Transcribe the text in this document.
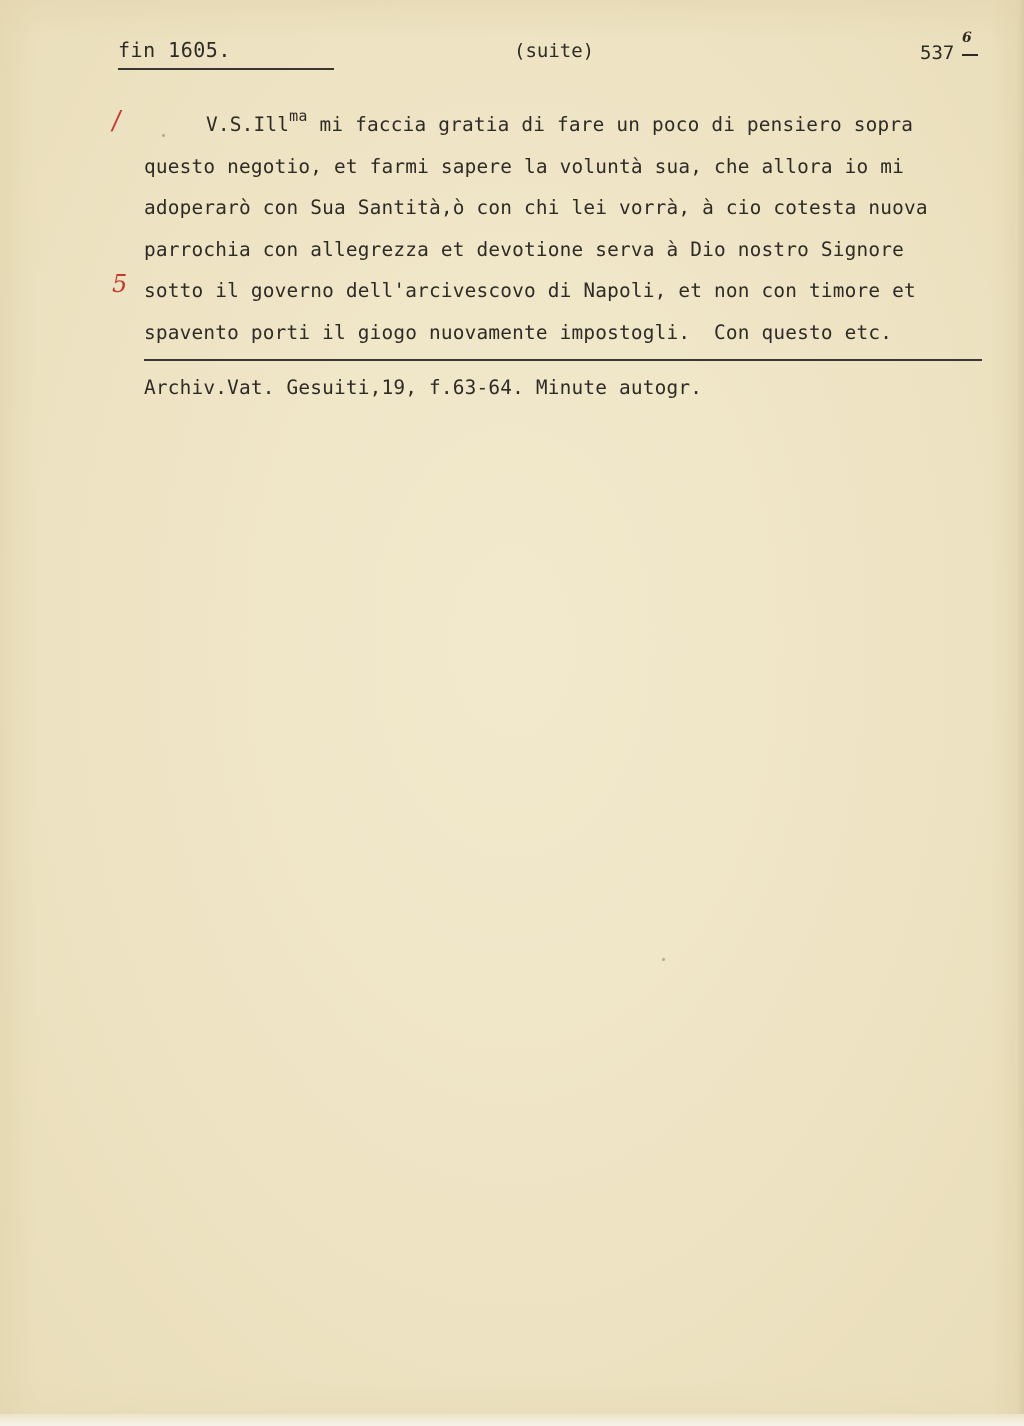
fin 1605.	(suite)	537
6
/
5
V.S.Ill$^{ma}$ mi faccia gratia di fare un poco di pensiero sopra
questo negotio, et farmi sapere la voluntà sua, che allora io mi
adoperarò con Sua Santità,ò con chi lei vorrà, à cio cotesta nuova
parrochia con allegrezza et devotione serva à Dio nostro Signore
sotto il governo dell'arcivescovo di Napoli, et non con timore et
spavento porti il giogo nuovamente impostogli.  Con questo etc.
Archiv.Vat. Gesuiti,19, f.63-64. Minute autogr.
